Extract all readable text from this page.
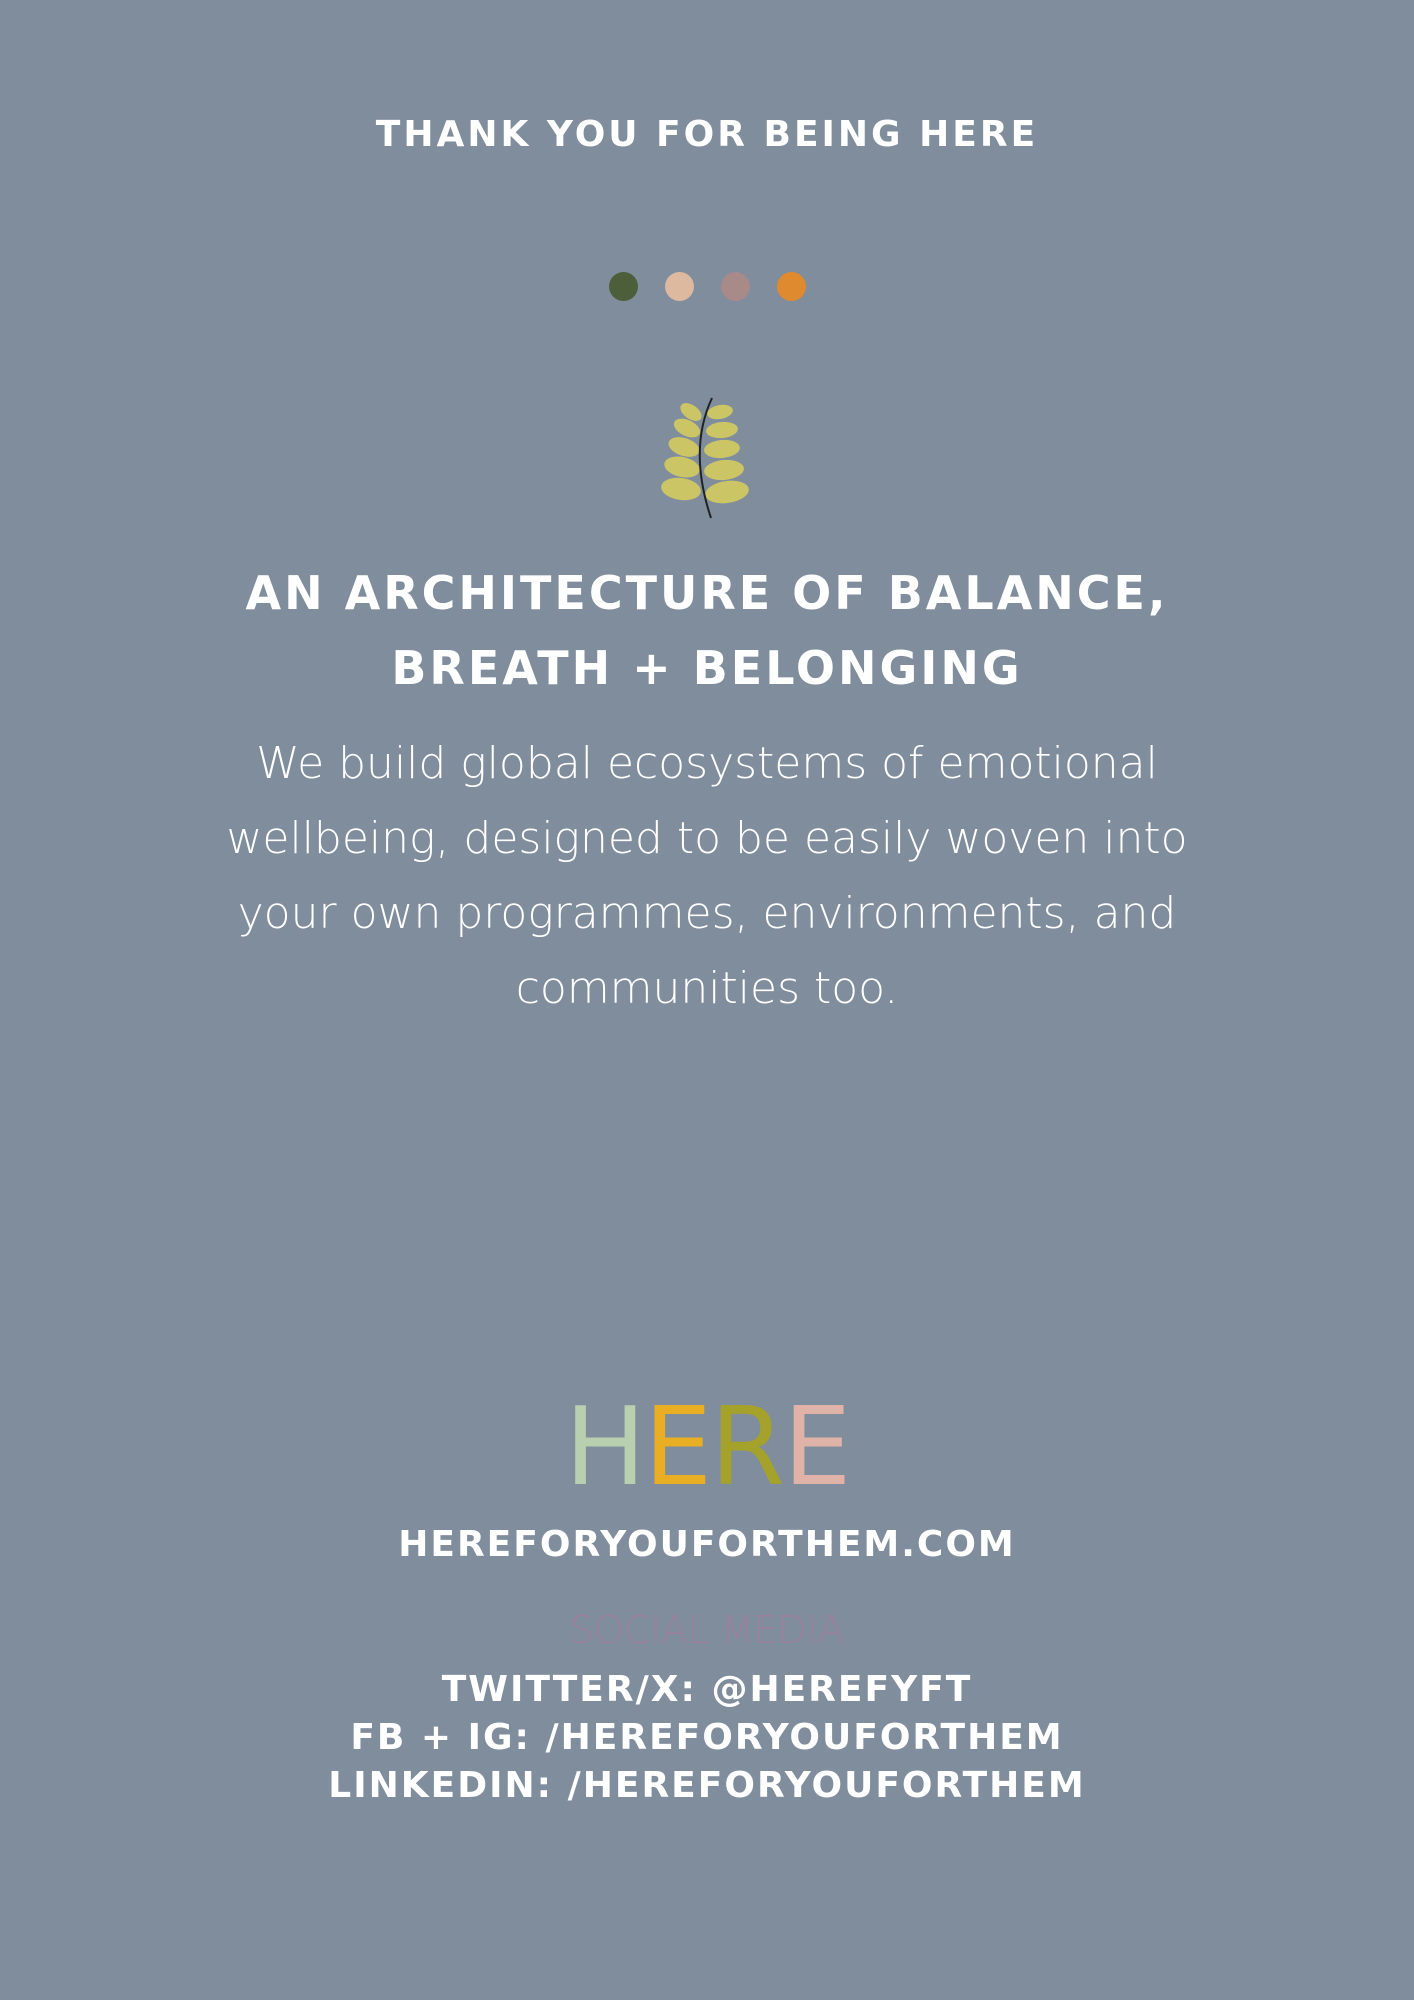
THANK YOU FOR BEING HERE
AN ARCHITECTURE OF BALANCE,
BREATH + BELONGING

We build global ecosystems of emotional
wellbeing, designed to be easily woven into
your own programmes, environments, and
communities too.

HERE
HEREFORYOUFORTHEM.COM
SOCIAL MEDIA
TWITTER/X: @HEREFYFT
FB + IG: /HEREFORYOUFORTHEM
LINKEDIN: /HEREFORYOUFORTHEM
